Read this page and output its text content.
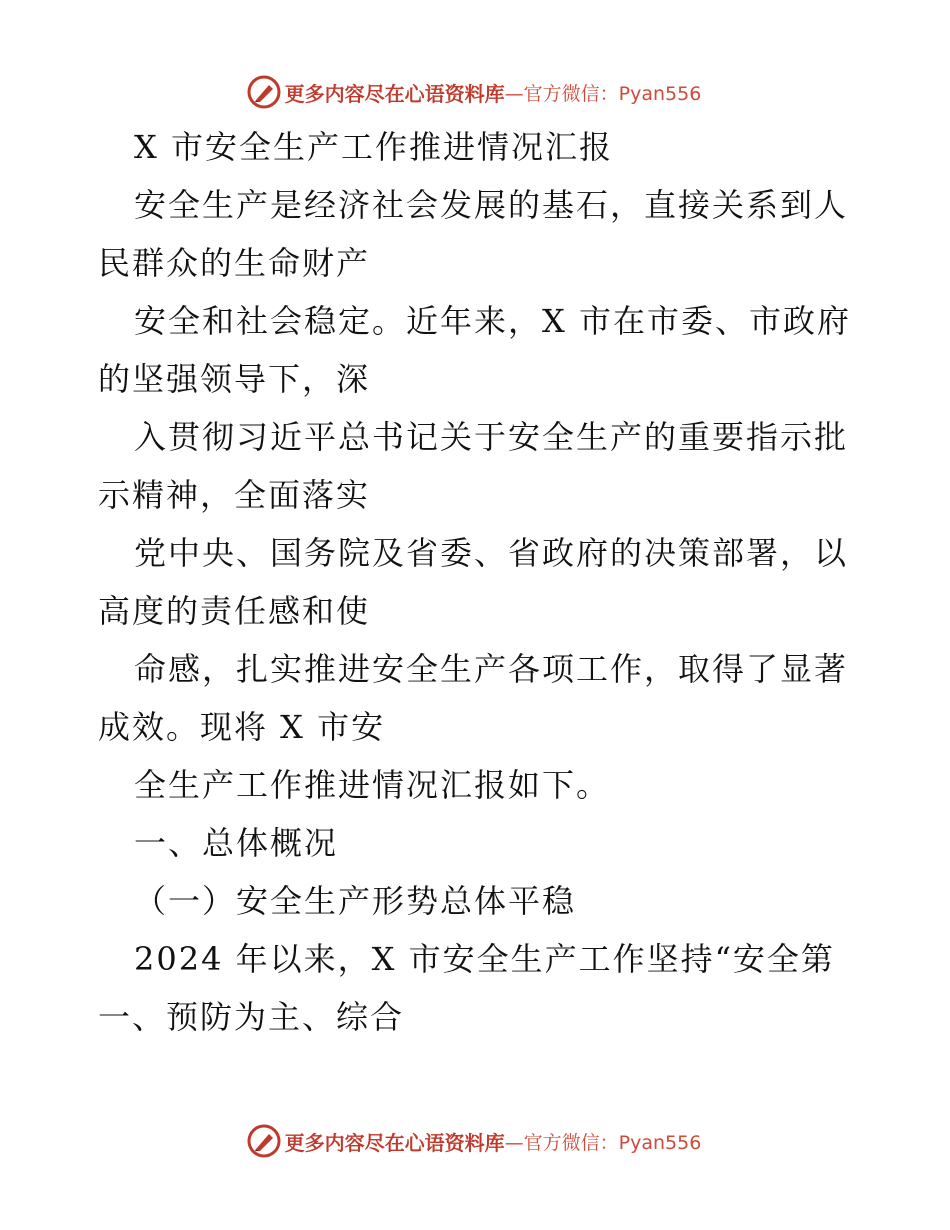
更多内容尽在心语资料库 —官方微信：Pyan556
X 市安全生产工作推进情况汇报
安全生产是经济社会发展的基石，直接关系到人
民群众的生命财产
安全和社会稳定。近年来，X 市在市委、市政府
的坚强领导下，深
入贯彻习近平总书记关于安全生产的重要指示批
示精神，全面落实
党中央、国务院及省委、省政府的决策部署，以
高度的责任感和使
命感，扎实推进安全生产各项工作，取得了显著
成效。现将 X 市安
全生产工作推进情况汇报如下。
一、总体概况
（一）安全生产形势总体平稳
2024 年以来，X 市安全生产工作坚持“安全第
一、预防为主、综合
更多内容尽在心语资料库 —官方微信：Pyan556
